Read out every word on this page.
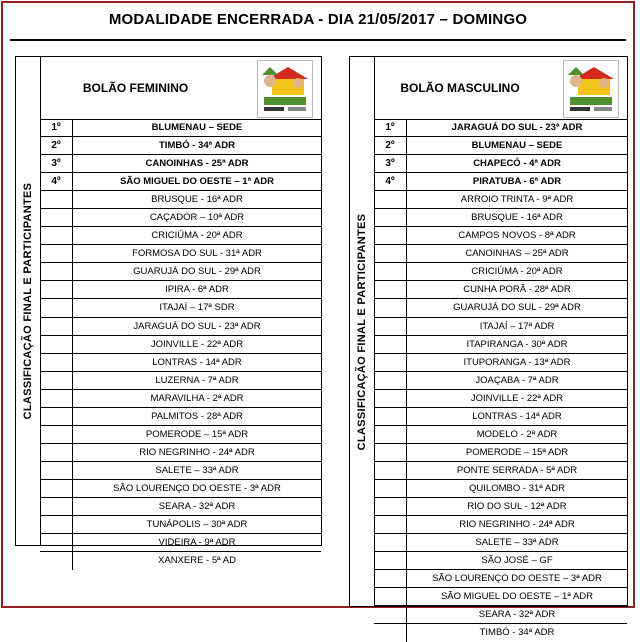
MODALIDADE ENCERRADA - DIA 21/05/2017 – DOMINGO
CLASSIFICAÇÃO FINAL E PARTICIPANTES
BOLÃO FEMININO
1º	BLUMENAU – SEDE
2º	TIMBÓ - 34ª ADR
3º	CANOINHAS - 25ª ADR
4º	SÃO MIGUEL DO OESTE – 1ª ADR
BRUSQUE - 16ª ADR
CAÇADOR – 10ª ADR
CRICIÚMA - 20ª ADR
FORMOSA DO SUL - 31ª ADR
GUARUJÁ DO SUL - 29ª ADR
IPIRA - 6ª ADR
ITAJAÍ – 17ª SDR
JARAGUÁ DO SUL - 23ª ADR
JOINVILLE - 22ª ADR
LONTRAS - 14ª ADR
LUZERNA - 7ª ADR
MARAVILHA - 2ª ADR
PALMITOS - 28ª ADR
POMERODE – 15ª ADR
RIO NEGRINHO - 24ª ADR
SALETE – 33ª ADR
SÃO LOURENÇO DO OESTE - 3ª ADR
SEARA - 32ª ADR
TUNÁPOLIS – 30ª ADR
VIDEIRA - 9ª ADR
XANXERE - 5ª AD
CLASSIFICAÇÃO FINAL E PARTICIPANTES
BOLÃO MASCULINO
1º	JARAGUÁ DO SUL - 23ª ADR
2º	BLUMENAU – SEDE
3º	CHAPECÓ - 4ª ADR
4º	PIRATUBA - 6ª ADR
ARROIO TRINTA - 9ª ADR
BRUSQUE - 16ª ADR
CAMPOS NOVOS - 8ª ADR
CANOINHAS – 25ª ADR
CRICIÚMA - 20ª ADR
CUNHA PORÃ - 28ª ADR
GUARUJÁ DO SUL - 29ª ADR
ITAJAÍ – 17ª ADR
ITAPIRANGA - 30ª ADR
ITUPORANGA - 13ª ADR
JOAÇABA - 7ª ADR
JOINVILLE - 22ª ADR
LONTRAS - 14ª ADR
MODELO - 2ª ADR
POMERODE – 15ª ADR
PONTE SERRADA - 5ª ADR
QUILOMBO - 31ª ADR
RIO DO SUL - 12ª ADR
RIO NEGRINHO - 24ª ADR
SALETE – 33ª ADR
SÃO JOSÉ – GF
SÃO LOURENÇO DO OESTE – 3ª ADR
SÃO MIGUEL DO OESTE – 1ª ADR
SEARA - 32ª ADR
TIMBÓ - 34ª ADR
